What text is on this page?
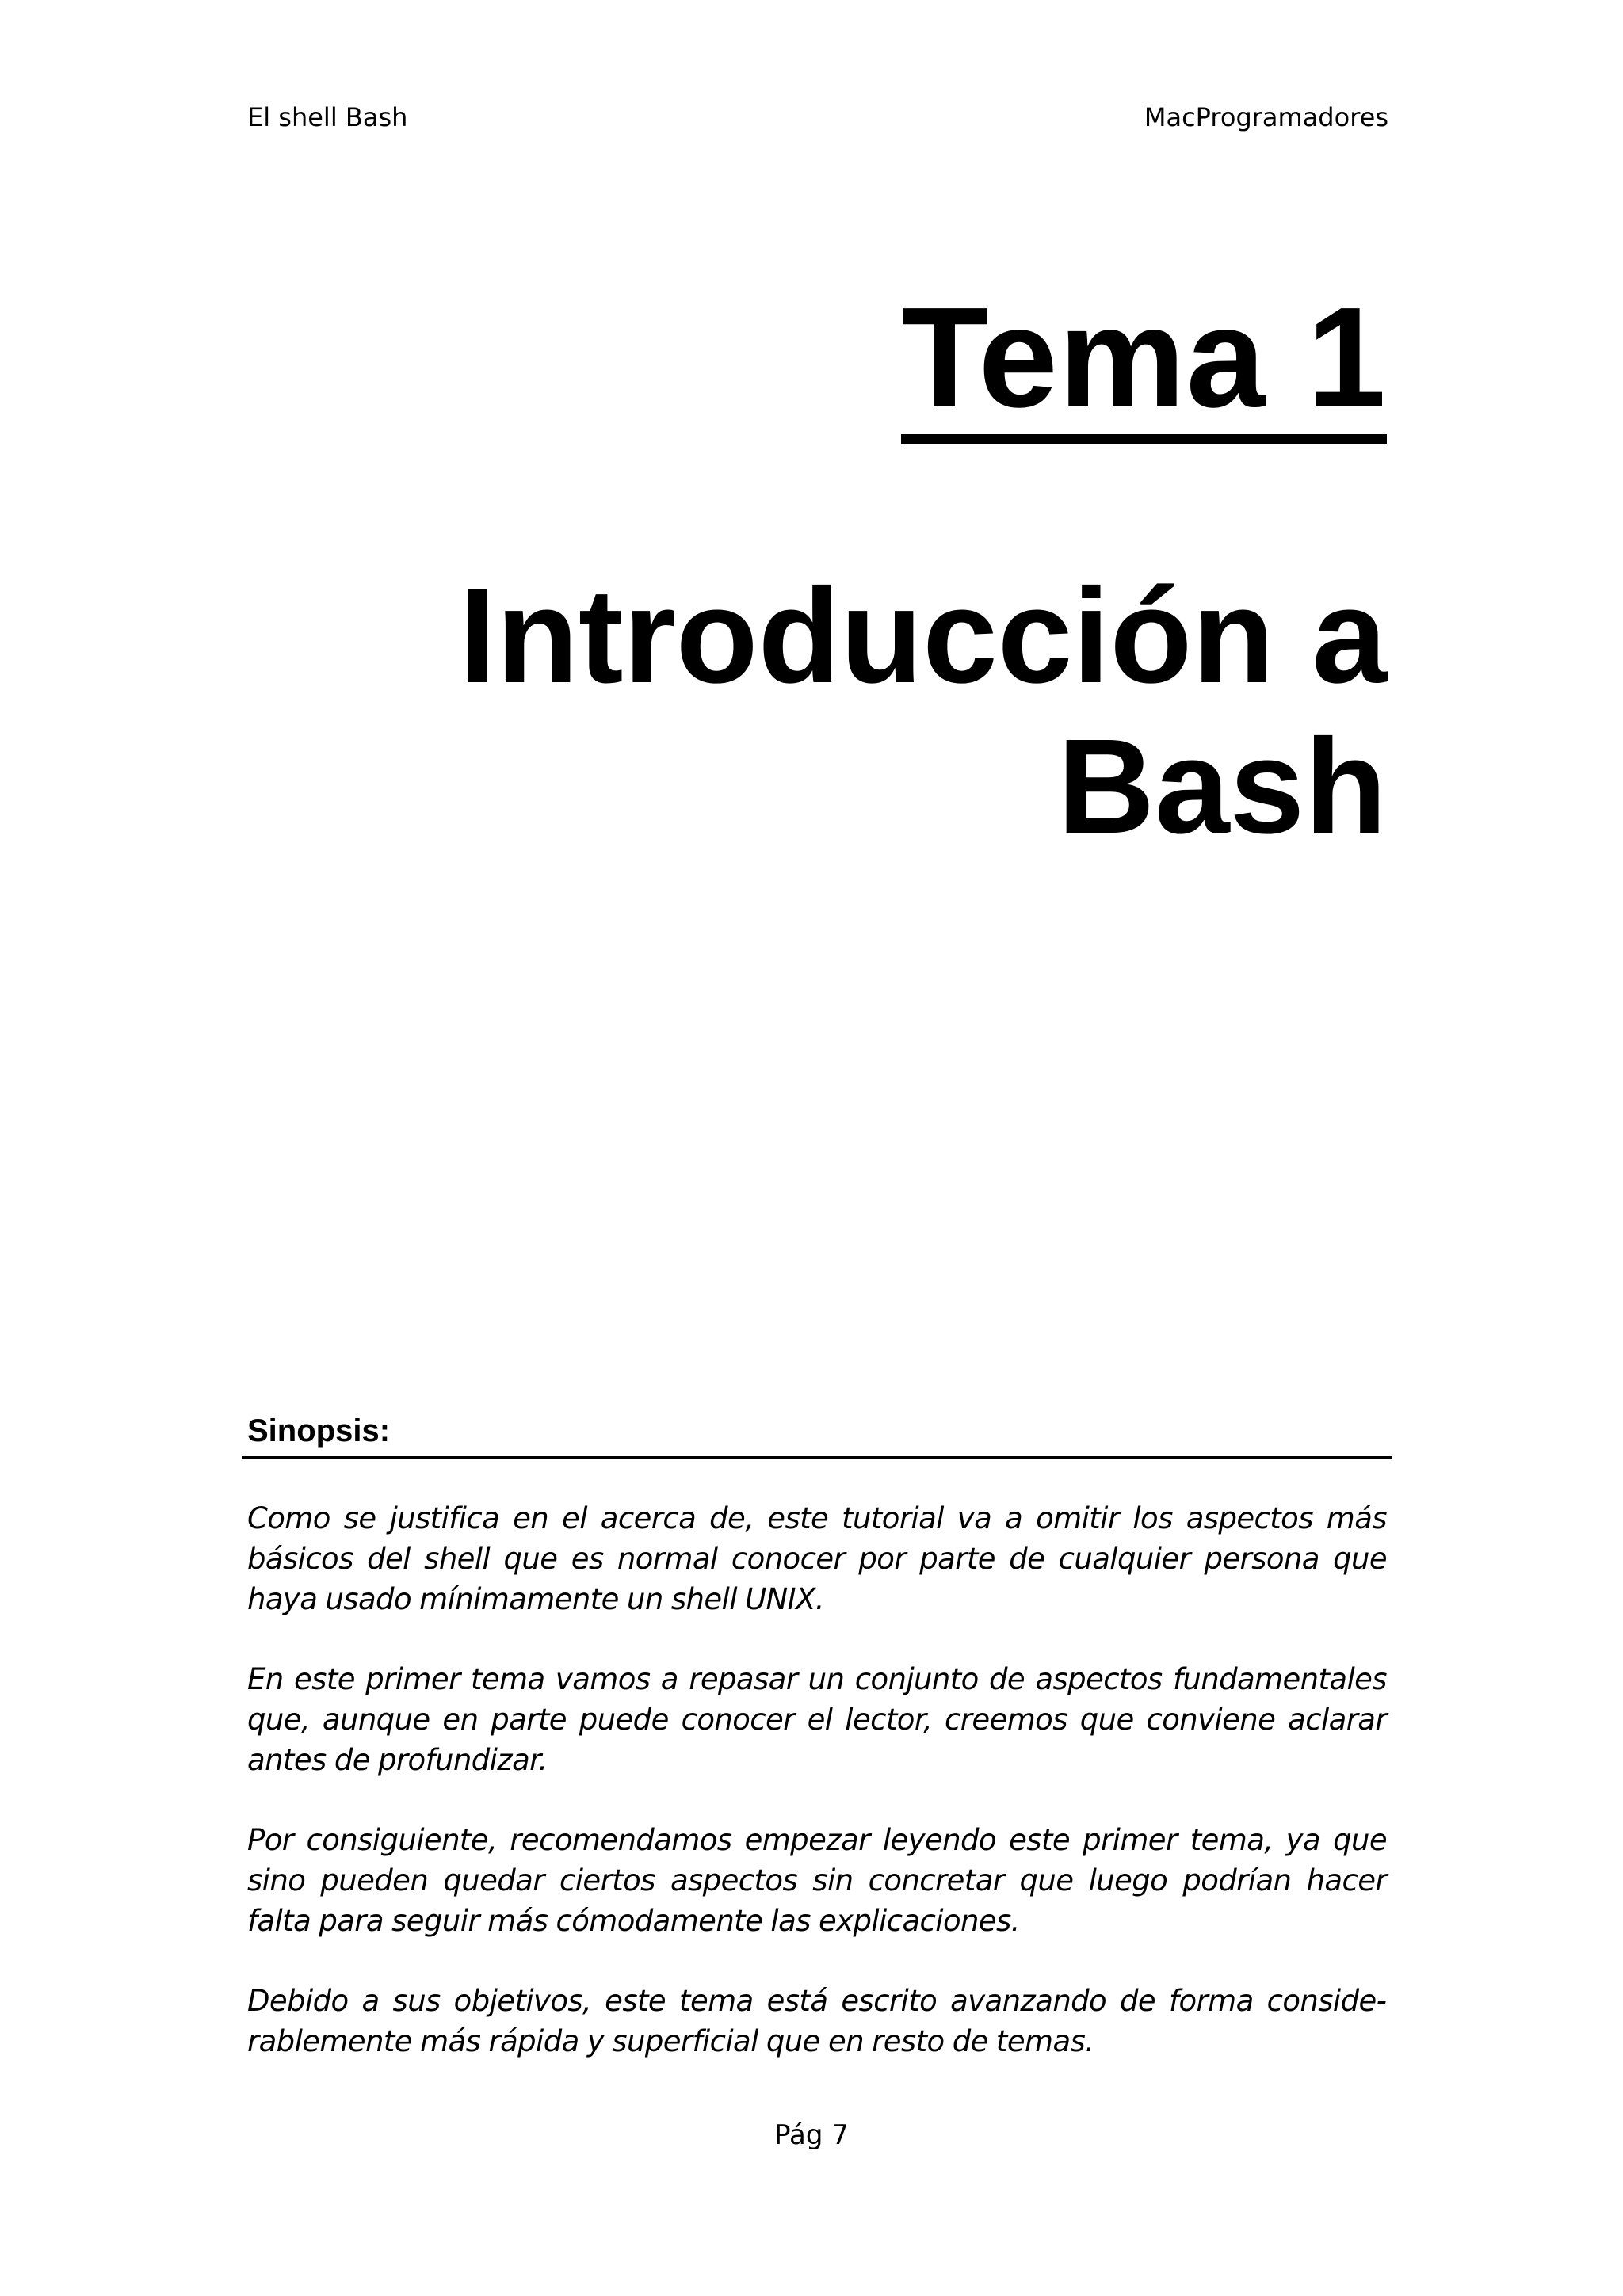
El shell Bash	MacProgramadores
Tema 1
Introducción a
Bash
Sinopsis:

Como se justifica en el acerca de, este tutorial va a omitir los aspectos más básicos del shell que es normal conocer por parte de cualquier persona que haya usado mínimamente un shell UNIX.

En este primer tema vamos a repasar un conjunto de aspectos fundamentales que, aunque en parte puede conocer el lector, creemos que conviene aclarar antes de profundizar.

Por consiguiente, recomendamos empezar leyendo este primer tema, ya que sino pueden quedar ciertos aspectos sin concretar que luego podrían hacer falta para seguir más cómodamente las explicaciones.

Debido a sus objetivos, este tema está escrito avanzando de forma considerablemente más rápida y superficial que en resto de temas.

Pág 7
